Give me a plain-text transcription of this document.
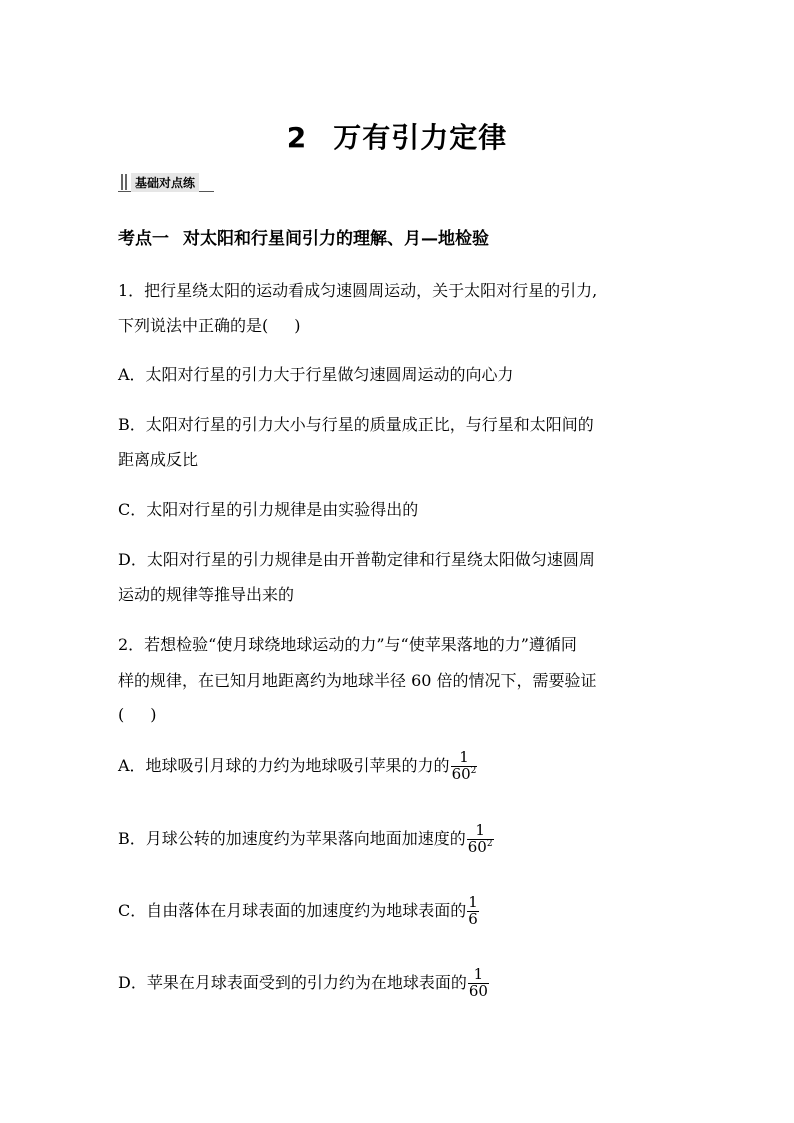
2 万有引力定律
基础对点练
考点一 对太阳和行星间引力的理解、月—地检验
1．把行星绕太阳的运动看成匀速圆周运动，关于太阳对行星的引力,
下列说法中正确的是( )
A．太阳对行星的引力大于行星做匀速圆周运动的向心力
B．太阳对行星的引力大小与行星的质量成正比，与行星和太阳间的
距离成反比
C．太阳对行星的引力规律是由实验得出的
D．太阳对行星的引力规律是由开普勒定律和行星绕太阳做匀速圆周
运动的规律等推导出来的
2．若想检验“使月球绕地球运动的力”与“使苹果落地的力”遵循同
样的规律，在已知月地距离约为地球半径 60 倍的情况下，需要验证
( )
A．地球吸引月球的力约为地球吸引苹果的力的 $\frac{1}{60^2}$
B．月球公转的加速度约为苹果落向地面加速度的 $\frac{1}{60^2}$
C．自由落体在月球表面的加速度约为地球表面的 $\frac{1}{6}$
D．苹果在月球表面受到的引力约为在地球表面的 $\frac{1}{60}$
